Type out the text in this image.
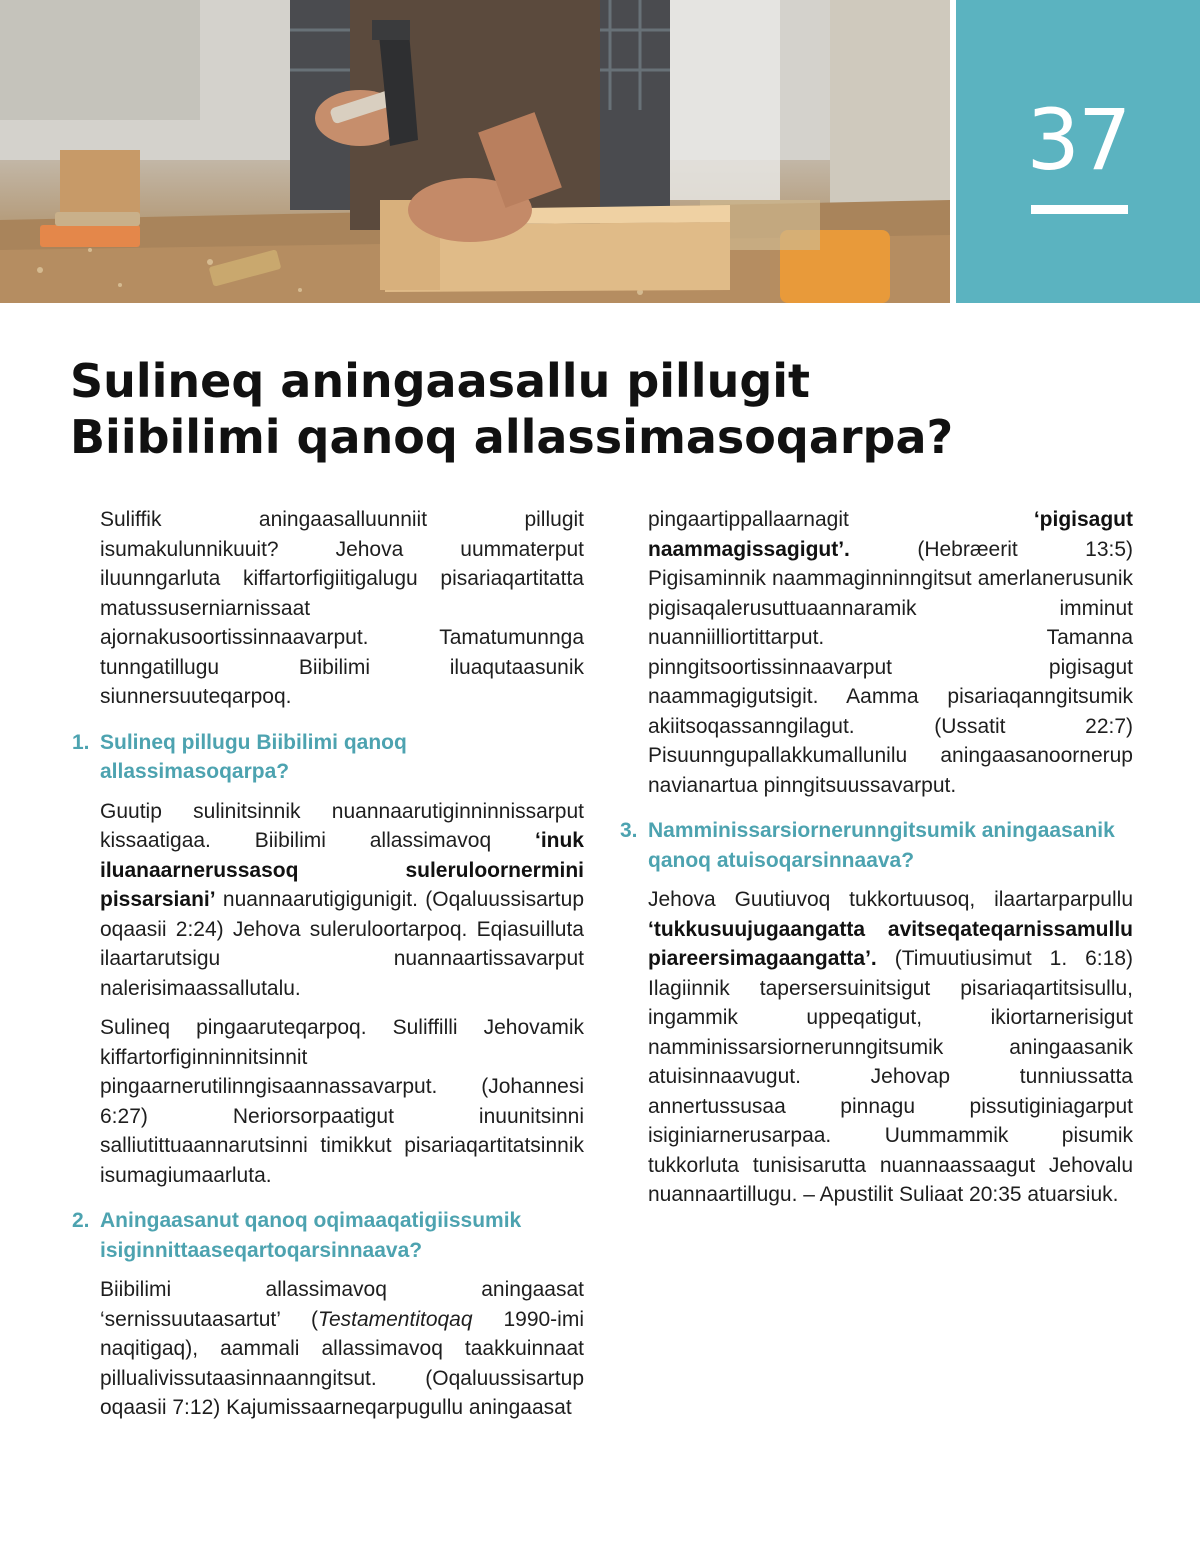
37
Sulineq aningaasallu pillugit
Biibilimi qanoq allassimasoqarpa?

Suliffik aningaasalluunniit pillugit isumakulunnikuuit? Jehova uummaterput iluunngarluta kiffartorfigiitigalugu pisariaqartitatta matussuserniarnissaat ajornakusoortissinnaavarput. Tamatumunnga tunngatillugu Biibilimi iluaqutaasunik siunnersuuteqarpoq.

1. Sulineq pillugu Biibilimi qanoq allassimasoqarpa?

Guutip sulinitsinnik nuannaarutiginninnissarput kissaatigaa. Biibilimi allassimavoq ‘inuk iluanaarnerussasoq suleruloornermini pissarsiani’ nuannaarutigigunigit. (Oqaluussisartup oqaasii 2:24) Jehova suleruloortarpoq. Eqiasuilluta ilaartarutsigu nuannaartissavarput nalerisimaassallutalu.

Sulineq pingaaruteqarpoq. Suliffilli Jehovamik kiffartorfiginninnitsinnit pingaarnerutilinngisaannassavarput. (Johannesi 6:27) Neriorsorpaatigut inuunitsinni salliutittuaannarutsinni timikkut pisariaqartitatsinnik isumagiumaarluta.

2. Aningaasanut qanoq oqimaaqatigiissumik isiginnittaaseqartoqarsinnaava?

Biibilimi allassimavoq aningaasat ‘sernissuutaasartut’ (Testamentitoqaq 1990-imi naqitigaq), aammali allassimavoq taakkuinnaat pillualivissutaasinnaanngitsut. (Oqaluussisartup oqaasii 7:12) Kajumissaarneqarpugullu aningaasat

pingaartippallaarnagit ‘pigisagut naammagissagigut’. (Hebræerit 13:5) Pigisaminnik naammaginninngitsut amerlanerusunik pigisaqalerusuttuaannaramik imminut nuanniilliortittarput. Tamanna pinngitsoortissinnaavarput pigisagut naammagigutsigit. Aamma pisariaqanngitsumik akiitsoqassanngilagut. (Ussatit 22:7) Pisuunngupallakkumallunilu aningaasanoornerup navianartua pinngitsuussavarput.

3. Namminissarsiornerunngitsumik aningaasanik qanoq atuisoqarsinnaava?

Jehova Guutiuvoq tukkortuusoq, ilaartarparpullu ‘tukkusuujugaangatta avitseqateqarnissamullu piareersimagaangatta’. (Timuutiusimut 1. 6:18) Ilagiinnik tapersersuinitsigut pisariaqartitsisullu, ingammik uppeqatigut, ikiortarnerisigut namminissarsiornerunngitsumik aningaasanik atuisinnaavugut. Jehovap tunniussatta annertussusaa pinnagu pissutiginiagarput isiginiarnerusarpaa. Uummammik pisumik tukkorluta tunisisarutta nuannaassaagut Jehovalu nuannaartillugu. – Apustilit Suliaat 20:35 atuarsiuk.
